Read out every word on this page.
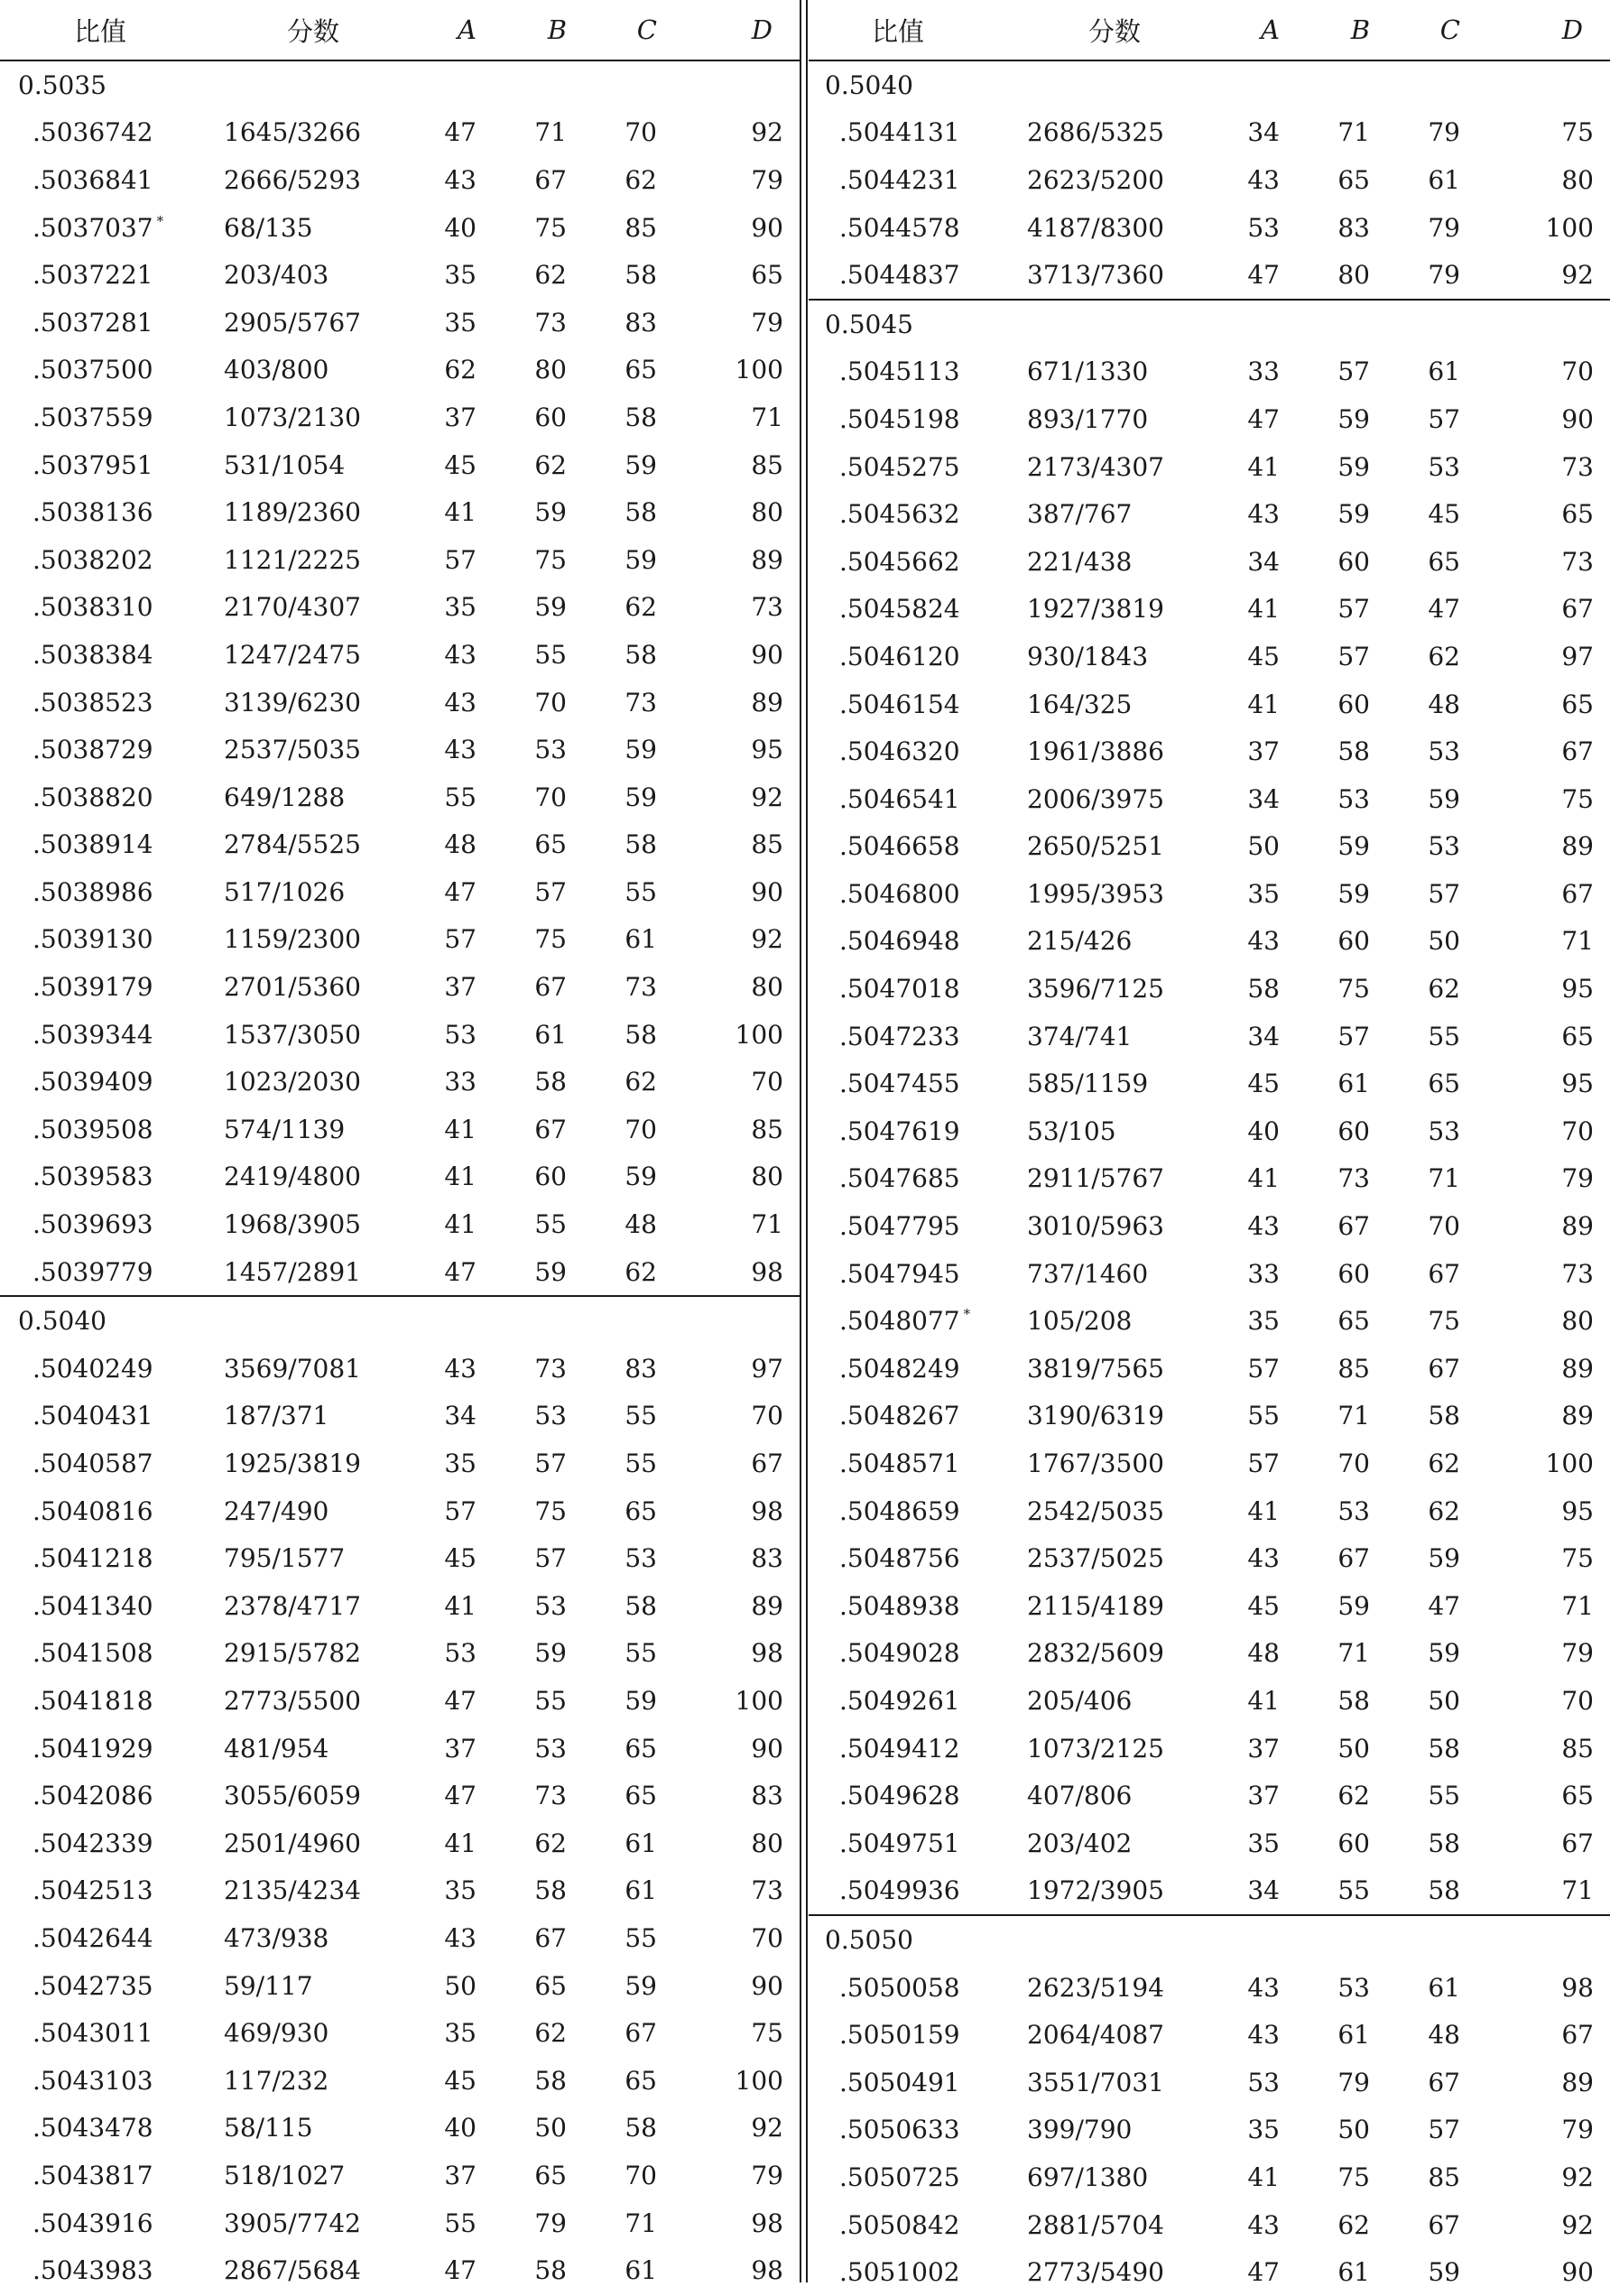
比值	分数	A	B	C	D
0.5035					
.5036742	1645/3266	47	71	70	92
.5036841	2666/5293	43	67	62	79
.5037037 *	68/135	40	75	85	90
.5037221	203/403	35	62	58	65
.5037281	2905/5767	35	73	83	79
.5037500	403/800	62	80	65	100
.5037559	1073/2130	37	60	58	71
.5037951	531/1054	45	62	59	85
.5038136	1189/2360	41	59	58	80
.5038202	1121/2225	57	75	59	89
.5038310	2170/4307	35	59	62	73
.5038384	1247/2475	43	55	58	90
.5038523	3139/6230	43	70	73	89
.5038729	2537/5035	43	53	59	95
.5038820	649/1288	55	70	59	92
.5038914	2784/5525	48	65	58	85
.5038986	517/1026	47	57	55	90
.5039130	1159/2300	57	75	61	92
.5039179	2701/5360	37	67	73	80
.5039344	1537/3050	53	61	58	100
.5039409	1023/2030	33	58	62	70
.5039508	574/1139	41	67	70	85
.5039583	2419/4800	41	60	59	80
.5039693	1968/3905	41	55	48	71
.5039779	1457/2891	47	59	62	98
0.5040					
.5040249	3569/7081	43	73	83	97
.5040431	187/371	34	53	55	70
.5040587	1925/3819	35	57	55	67
.5040816	247/490	57	75	65	98
.5041218	795/1577	45	57	53	83
.5041340	2378/4717	41	53	58	89
.5041508	2915/5782	53	59	55	98
.5041818	2773/5500	47	55	59	100
.5041929	481/954	37	53	65	90
.5042086	3055/6059	47	73	65	83
.5042339	2501/4960	41	62	61	80
.5042513	2135/4234	35	58	61	73
.5042644	473/938	43	67	55	70
.5042735	59/117	50	65	59	90
.5043011	469/930	35	62	67	75
.5043103	117/232	45	58	65	100
.5043478	58/115	40	50	58	92
.5043817	518/1027	37	65	70	79
.5043916	3905/7742	55	79	71	98
.5043983	2867/5684	47	58	61	98
比值	分数	A	B	C	D
0.5040					
.5044131	2686/5325	34	71	79	75
.5044231	2623/5200	43	65	61	80
.5044578	4187/8300	53	83	79	100
.5044837	3713/7360	47	80	79	92
0.5045					
.5045113	671/1330	33	57	61	70
.5045198	893/1770	47	59	57	90
.5045275	2173/4307	41	59	53	73
.5045632	387/767	43	59	45	65
.5045662	221/438	34	60	65	73
.5045824	1927/3819	41	57	47	67
.5046120	930/1843	45	57	62	97
.5046154	164/325	41	60	48	65
.5046320	1961/3886	37	58	53	67
.5046541	2006/3975	34	53	59	75
.5046658	2650/5251	50	59	53	89
.5046800	1995/3953	35	59	57	67
.5046948	215/426	43	60	50	71
.5047018	3596/7125	58	75	62	95
.5047233	374/741	34	57	55	65
.5047455	585/1159	45	61	65	95
.5047619	53/105	40	60	53	70
.5047685	2911/5767	41	73	71	79
.5047795	3010/5963	43	67	70	89
.5047945	737/1460	33	60	67	73
.5048077 *	105/208	35	65	75	80
.5048249	3819/7565	57	85	67	89
.5048267	3190/6319	55	71	58	89
.5048571	1767/3500	57	70	62	100
.5048659	2542/5035	41	53	62	95
.5048756	2537/5025	43	67	59	75
.5048938	2115/4189	45	59	47	71
.5049028	2832/5609	48	71	59	79
.5049261	205/406	41	58	50	70
.5049412	1073/2125	37	50	58	85
.5049628	407/806	37	62	55	65
.5049751	203/402	35	60	58	67
.5049936	1972/3905	34	55	58	71
0.5050					
.5050058	2623/5194	43	53	61	98
.5050159	2064/4087	43	61	48	67
.5050491	3551/7031	53	79	67	89
.5050633	399/790	35	50	57	79
.5050725	697/1380	41	75	85	92
.5050842	2881/5704	43	62	67	92
.5051002	2773/5490	47	61	59	90
